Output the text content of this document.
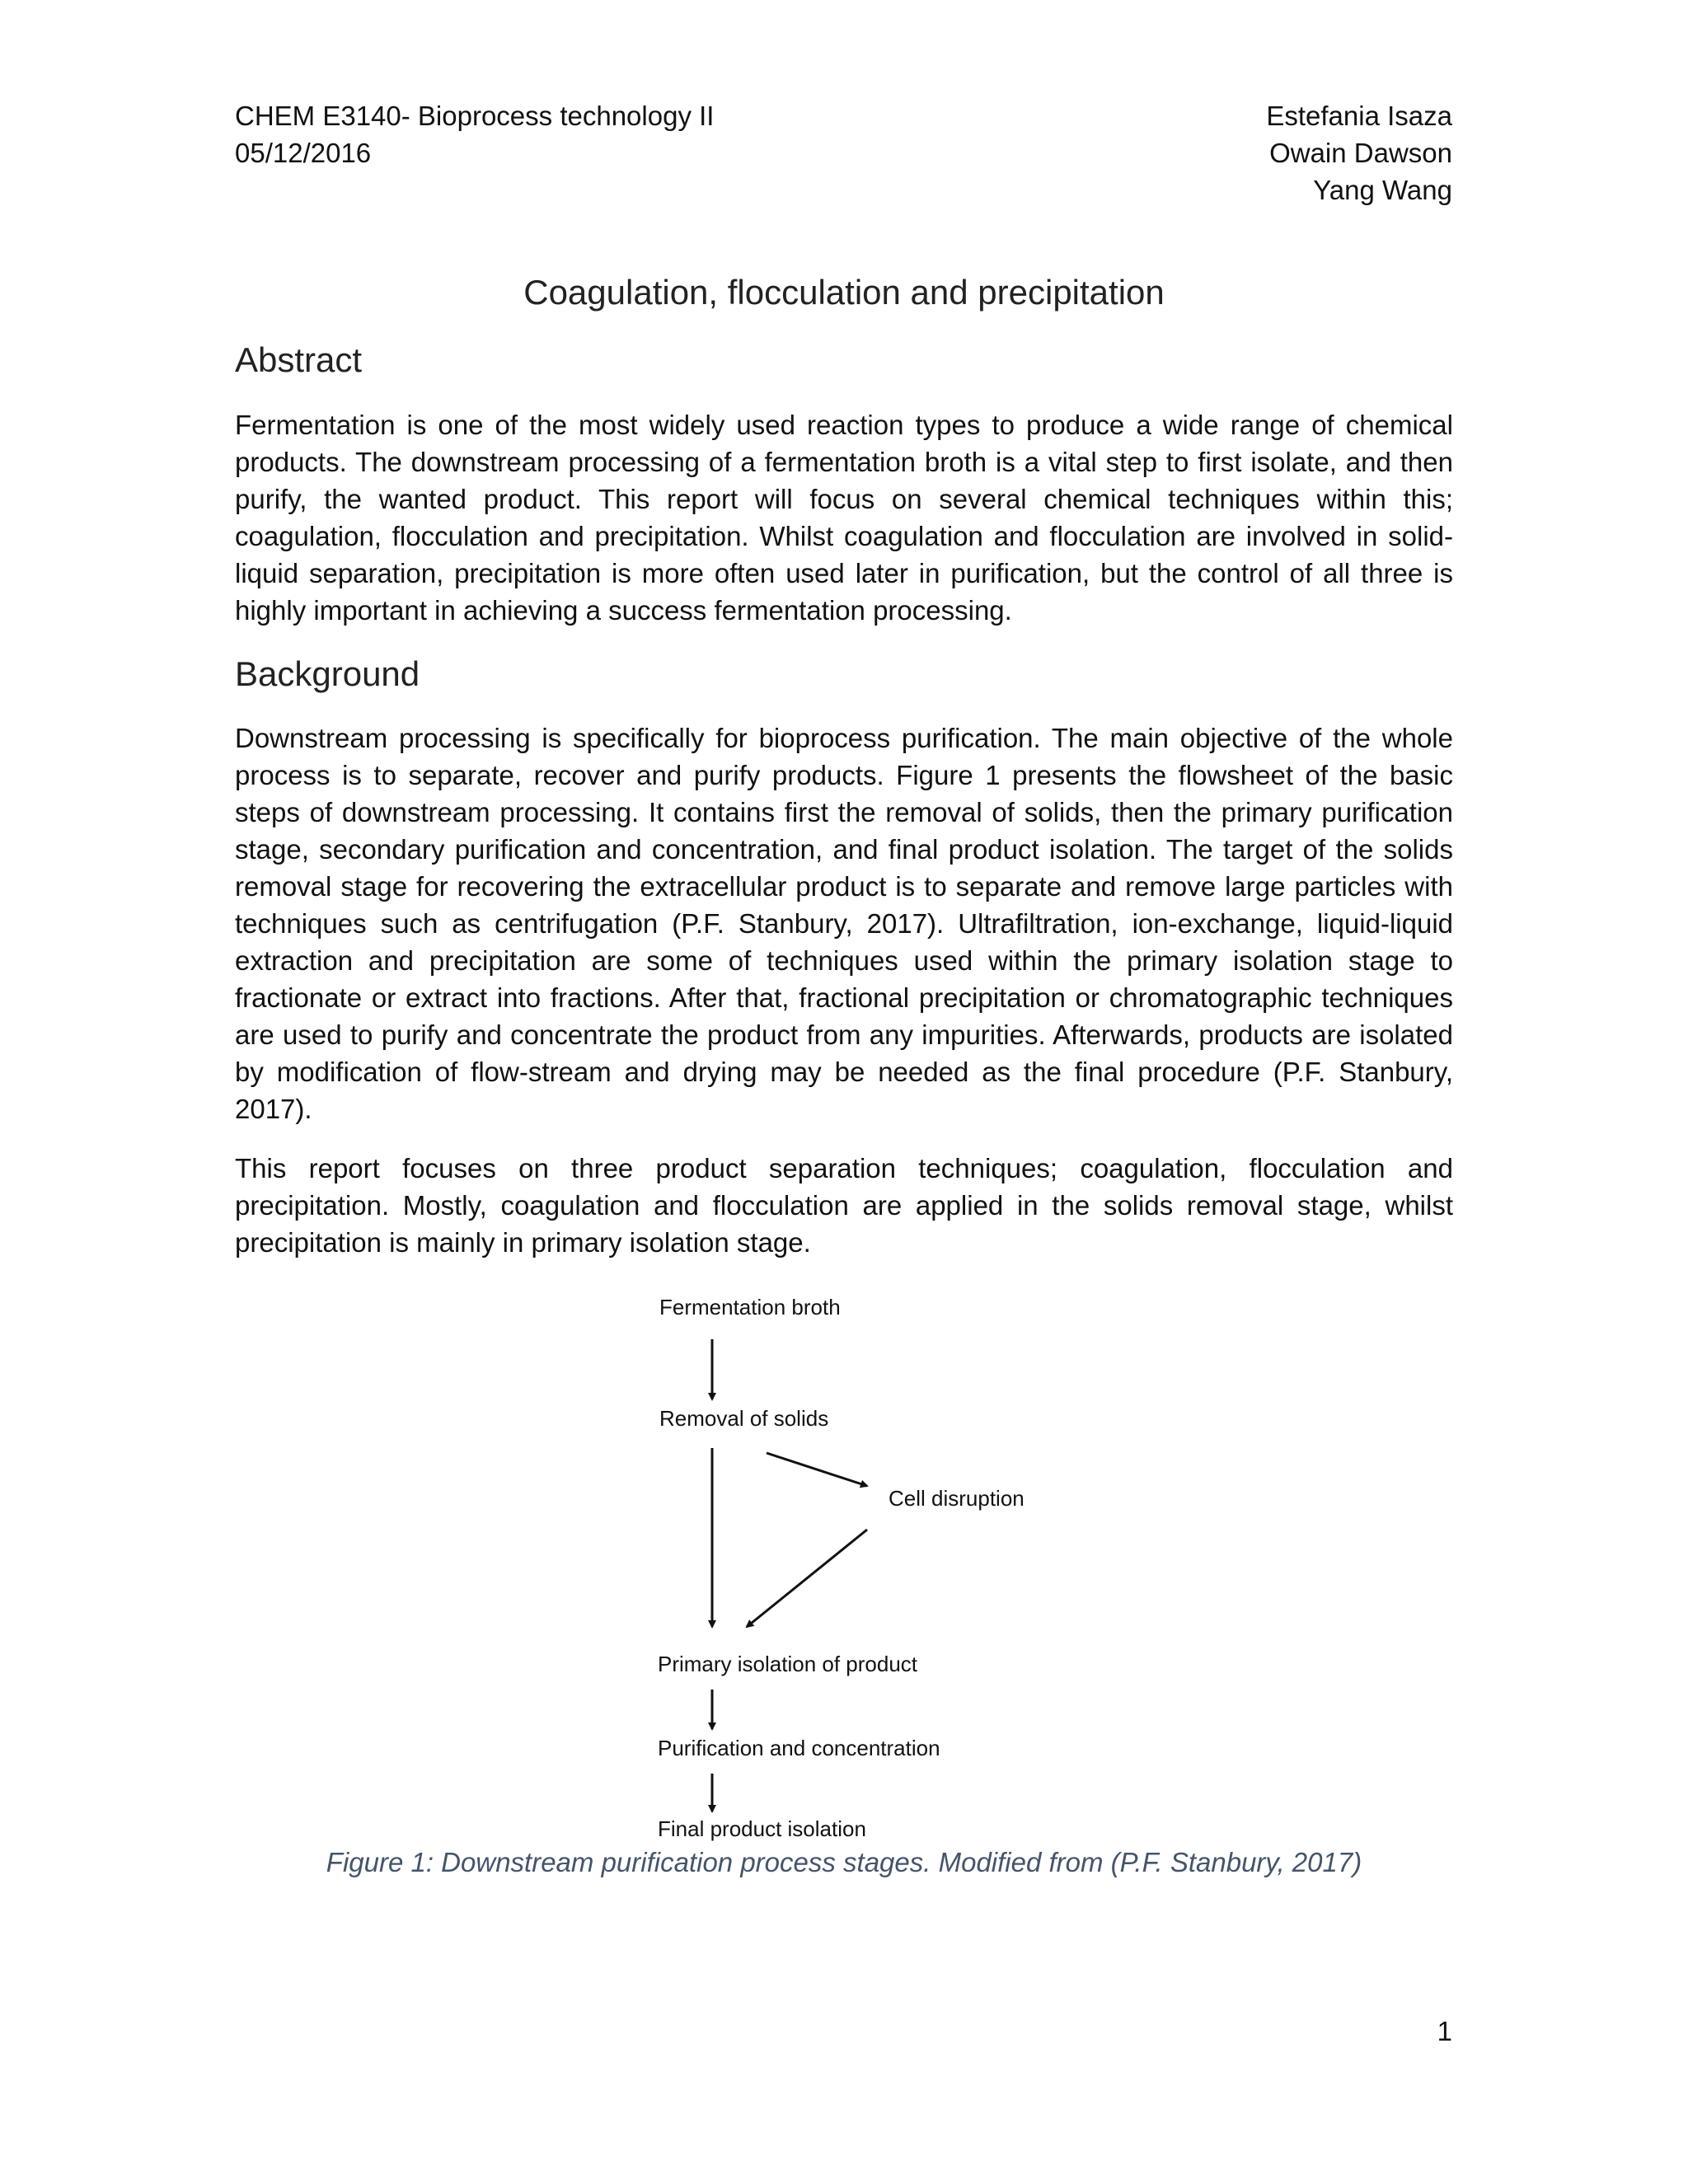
CHEM E3140- Bioprocess technology II
05/12/2016
Estefania Isaza
Owain Dawson
Yang Wang
Coagulation, flocculation and precipitation
Abstract

Fermentation is one of the most widely used reaction types to produce a wide range of chemical products. The downstream processing of a fermentation broth is a vital step to first isolate, and then purify, the wanted product. This report will focus on several chemical techniques within this; coagulation, flocculation and precipitation. Whilst coagulation and flocculation are involved in solid-liquid separation, precipitation is more often used later in purification, but the control of all three is highly important in achieving a success fermentation processing.

Background

Downstream processing is specifically for bioprocess purification. The main objective of the whole process is to separate, recover and purify products. Figure 1 presents the flowsheet of the basic steps of downstream processing. It contains first the removal of solids, then the primary purification stage, secondary purification and concentration, and final product isolation. The target of the solids removal stage for recovering the extracellular product is to separate and remove large particles with techniques such as centrifugation (P.F. Stanbury, 2017). Ultrafiltration, ion-exchange, liquid-liquid extraction and precipitation are some of techniques used within the primary isolation stage to fractionate or extract into fractions. After that, fractional precipitation or chromatographic techniques are used to purify and concentrate the product from any impurities. Afterwards, products are isolated by modification of flow-stream and drying may be needed as the final procedure (P.F. Stanbury, 2017).

This report focuses on three product separation techniques; coagulation, flocculation and precipitation. Mostly, coagulation and flocculation are applied in the solids removal stage, whilst precipitation is mainly in primary isolation stage.

Fermentation broth
Removal of solids
Cell disruption
Primary isolation of product
Purification and concentration
Final product isolation
Figure 1: Downstream purification process stages. Modified from (P.F. Stanbury, 2017)
1
